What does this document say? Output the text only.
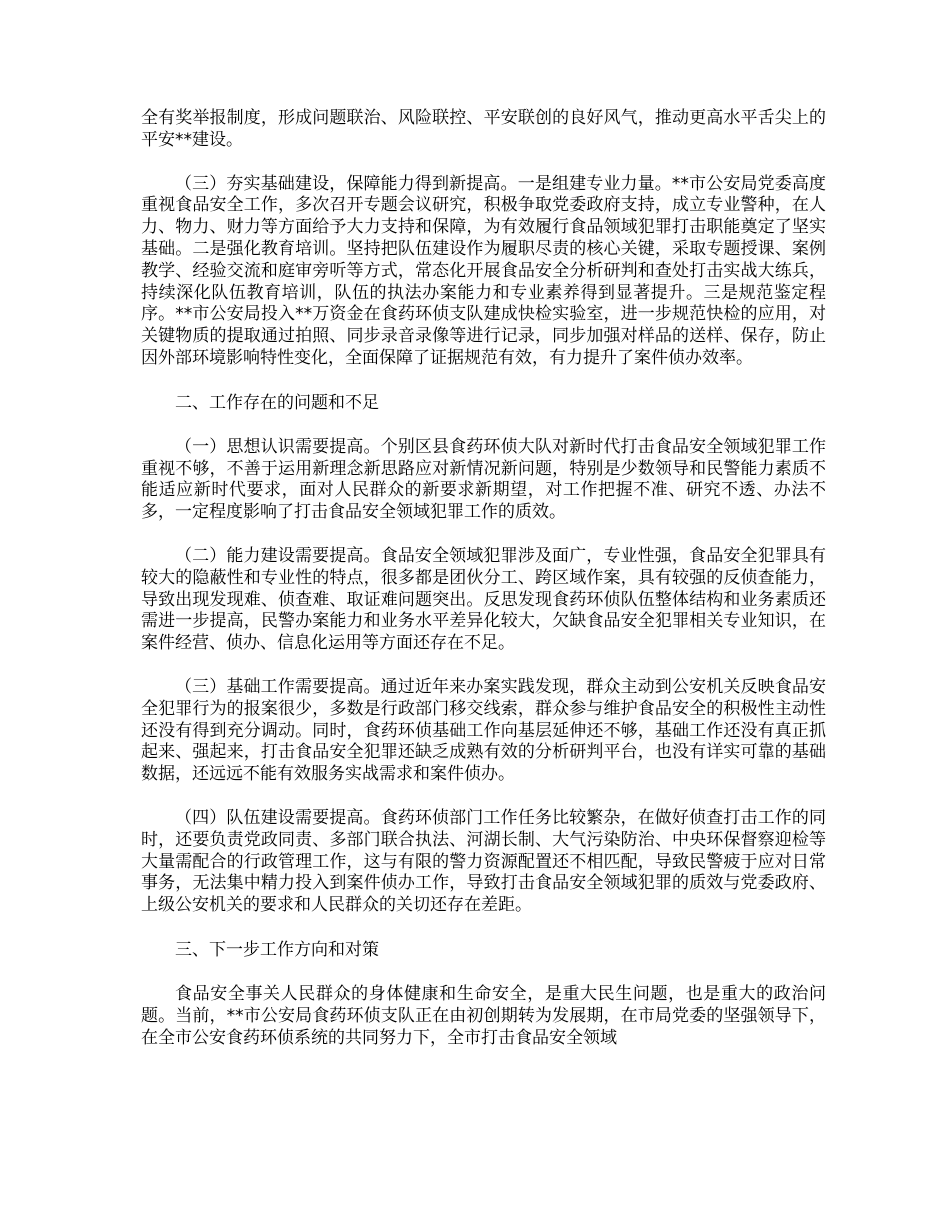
全有奖举报制度，形成问题联治、风险联控、平安联创的良好风气，推动更高水平舌尖上的平安**建设。

（三）夯实基础建设，保障能力得到新提高。一是组建专业力量。**市公安局党委高度重视食品安全工作，多次召开专题会议研究，积极争取党委政府支持，成立专业警种，在人力、物力、财力等方面给予大力支持和保障，为有效履行食品领域犯罪打击职能奠定了坚实基础。二是强化教育培训。坚持把队伍建设作为履职尽责的核心关键，采取专题授课、案例教学、经验交流和庭审旁听等方式，常态化开展食品安全分析研判和查处打击实战大练兵，持续深化队伍教育培训，队伍的执法办案能力和专业素养得到显著提升。三是规范鉴定程序。**市公安局投入**万资金在食药环侦支队建成快检实验室，进一步规范快检的应用，对关键物质的提取通过拍照、同步录音录像等进行记录，同步加强对样品的送样、保存，防止因外部环境影响特性变化，全面保障了证据规范有效，有力提升了案件侦办效率。

二、工作存在的问题和不足

（一）思想认识需要提高。个别区县食药环侦大队对新时代打击食品安全领域犯罪工作重视不够，不善于运用新理念新思路应对新情况新问题，特别是少数领导和民警能力素质不能适应新时代要求，面对人民群众的新要求新期望，对工作把握不准、研究不透、办法不多，一定程度影响了打击食品安全领域犯罪工作的质效。

（二）能力建设需要提高。食品安全领域犯罪涉及面广，专业性强，食品安全犯罪具有较大的隐蔽性和专业性的特点，很多都是团伙分工、跨区域作案，具有较强的反侦查能力，导致出现发现难、侦查难、取证难问题突出。反思发现食药环侦队伍整体结构和业务素质还需进一步提高，民警办案能力和业务水平差异化较大，欠缺食品安全犯罪相关专业知识，在案件经营、侦办、信息化运用等方面还存在不足。

（三）基础工作需要提高。通过近年来办案实践发现，群众主动到公安机关反映食品安全犯罪行为的报案很少，多数是行政部门移交线索，群众参与维护食品安全的积极性主动性还没有得到充分调动。同时，食药环侦基础工作向基层延伸还不够，基础工作还没有真正抓起来、强起来，打击食品安全犯罪还缺乏成熟有效的分析研判平台，也没有详实可靠的基础数据，还远远不能有效服务实战需求和案件侦办。

（四）队伍建设需要提高。食药环侦部门工作任务比较繁杂，在做好侦查打击工作的同时，还要负责党政同责、多部门联合执法、河湖长制、大气污染防治、中央环保督察迎检等大量需配合的行政管理工作，这与有限的警力资源配置还不相匹配，导致民警疲于应对日常事务，无法集中精力投入到案件侦办工作，导致打击食品安全领域犯罪的质效与党委政府、上级公安机关的要求和人民群众的关切还存在差距。

三、下一步工作方向和对策

食品安全事关人民群众的身体健康和生命安全，是重大民生问题，也是重大的政治问题。当前，**市公安局食药环侦支队正在由初创期转为发展期，在市局党委的坚强领导下，在全市公安食药环侦系统的共同努力下，全市打击食品安全领域
